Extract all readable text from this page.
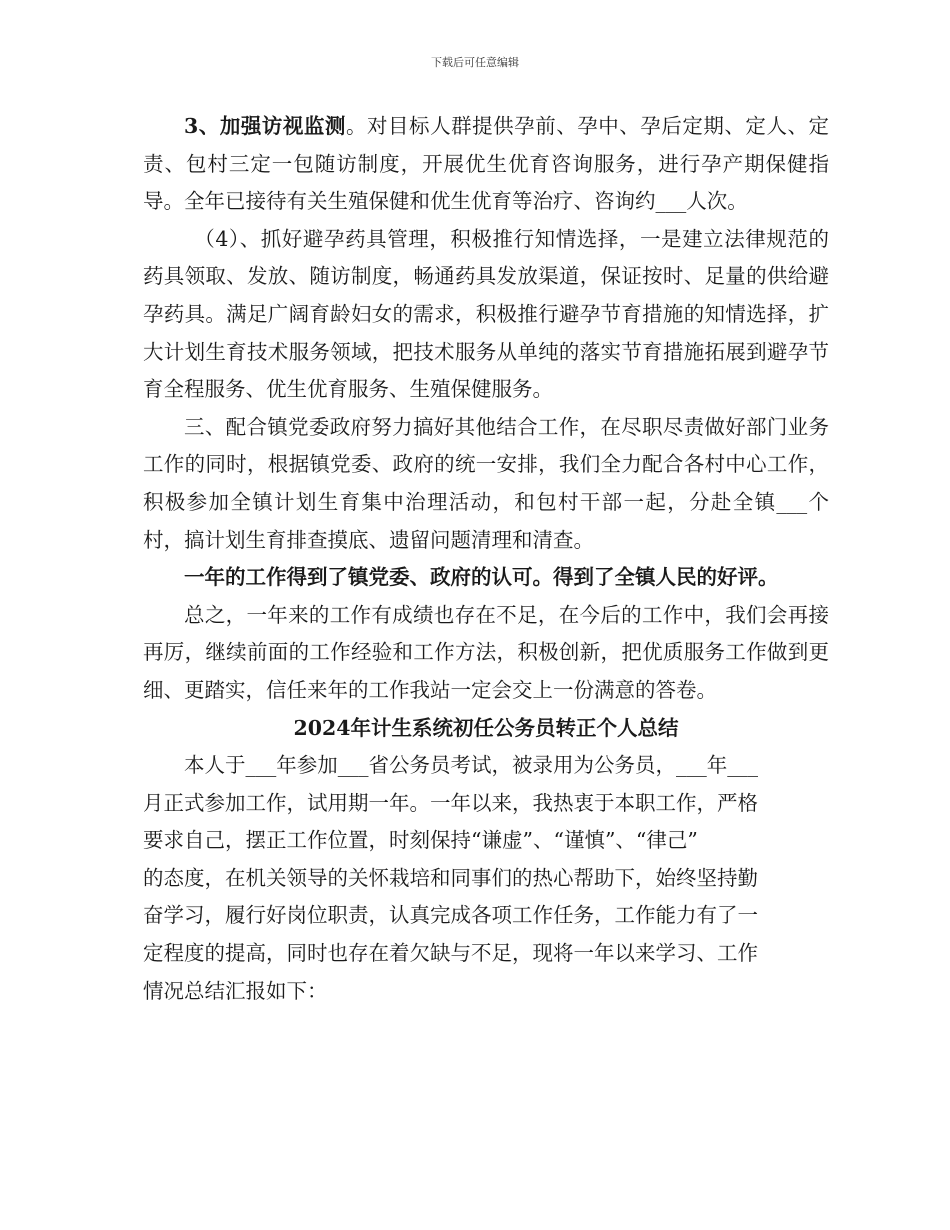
下载后可任意编辑

3、加强访视监测。对目标人群提供孕前、孕中、孕后定期、定人、定责、包村三定一包随访制度，开展优生优育咨询服务，进行孕产期保健指导。全年已接待有关生殖保健和优生优育等治疗、咨询约___人次。

（4）、抓好避孕药具管理，积极推行知情选择，一是建立法律规范的药具领取、发放、随访制度，畅通药具发放渠道，保证按时、足量的供给避孕药具。满足广阔育龄妇女的需求，积极推行避孕节育措施的知情选择，扩大计划生育技术服务领域，把技术服务从单纯的落实节育措施拓展到避孕节育全程服务、优生优育服务、生殖保健服务。

三、配合镇党委政府努力搞好其他结合工作，在尽职尽责做好部门业务工作的同时，根据镇党委、政府的统一安排，我们全力配合各村中心工作，积极参加全镇计划生育集中治理活动，和包村干部一起，分赴全镇___个村，搞计划生育排查摸底、遗留问题清理和清查。

一年的工作得到了镇党委、政府的认可。得到了全镇人民的好评。

总之，一年来的工作有成绩也存在不足，在今后的工作中，我们会再接再厉，继续前面的工作经验和工作方法，积极创新，把优质服务工作做到更细、更踏实，信任来年的工作我站一定会交上一份满意的答卷。

2024年计生系统初任公务员转正个人总结

本人于___年参加___省公务员考试，被录用为公务员，___年___

月正式参加工作，试用期一年。一年以来，我热衷于本职工作，严格

要求自己，摆正工作位置，时刻保持“谦虚”、“谨慎”、“律己”

的态度，在机关领导的关怀栽培和同事们的热心帮助下，始终坚持勤

奋学习，履行好岗位职责，认真完成各项工作任务，工作能力有了一

定程度的提高，同时也存在着欠缺与不足，现将一年以来学习、工作

情况总结汇报如下：
